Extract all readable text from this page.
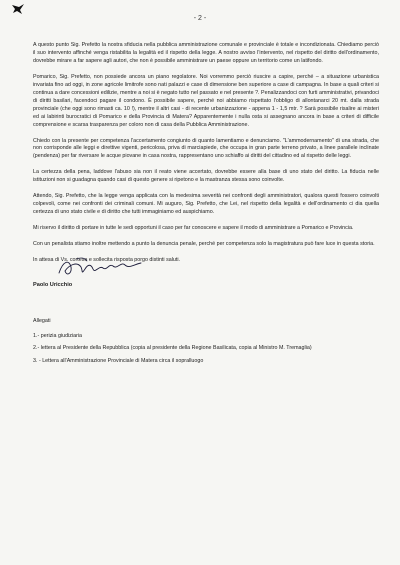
- 2 -

A questo punto Sig. Prefetto la nostra sfiducia nella pubblica amministrazione comunale e provinciale è totale e incondizionata. Chiediamo perciò il suo intervento affinché venga ristabilita la legalità ed il rispetto della legge. A nostro avviso l'intervento, nel rispetto del diritto dell'ordinamento, dovrebbe mirare a far sapere agli autori, che non è possibile amministrare un paese oppure un territorio come un latifondo.

Pomarico, Sig. Prefetto, non possiede ancora un piano regolatore. Noi vorremmo perciò riuscire a capire, perché – a situazione urbanistica invariata fino ad oggi, in zone agricole limitrofe sono nati palazzi e case di dimensione ben superiore a case di campagna. In base a quali criteri si continua a dare concessioni edilizie, mentre a noi si è negato tutto nel passato e nel presente ?. Penalizzandoci con furti amministrativi, privandoci di diritti basilari, facendoci pagare il condono. È possibile sapere, perché noi abbiamo rispettato l'obbligo di allontanarci 20 mt. dalla strada provinciale (che oggi sono rimasti ca. 10 !), mentre il altri casi - di recente urbanizzazione - appena 1 - 1,5 mtr. ? Sarà possibile risalire ai misteri ed ai labirinti burocratici di Pomarico e della Provincia di Matera? Apparentemente i nulla osta si assegnano ancora in base a criteri di difficile comprensione e scarsa trasparenza per coloro non di casa della Pubblica Amministrazione.

Chiedo con la presente per competenza l'accertamento congiunto di quanto lamentiamo e denunciamo. "L'ammodernamento" di una strada, che non corrisponde alle leggi e direttive vigenti, pericolosa, priva di marciapiede, che occupa in gran parte terreno privato, a linee parallele inclinate (pendenza) per far riversare le acque piovane in casa nostra, rappresentano uno schiaffo ai diritti del cittadino ed al rispetto delle leggi.

La certezza della pena, laddove l'abuso sia non il reato viene accertato, dovrebbe essere alla base di uno stato del diritto. La fiducia nelle istituzioni non si guadagna quando casi di questo genere si ripetono e la mastranza stessa sono coinvolte.

Attendo, Sig. Prefetto, che la legge venga applicata con la medesima severità nei confronti degli amministratori, qualora questi fossero coinvolti colpevoli, come nei confronti dei criminali comuni. Mi auguro, Sig. Prefetto, che Lei, nel rispetto della legalità e dell'ordinamento ci dia quella certezza di uno stato civile e di diritto che tutti immaginiamo ed auspichiamo.

Mi riservo il diritto di portare in tutte le sedi opportuni il caso per far conoscere e sapere il modo di amministrare a Pomarico e Provincia.

Con un penalista stiamo inoltre mettendo a punto la denuncia penale, perché per competenza solo la magistratura può fare luce in questa storia.

In attesa di Vs. cortese e sollecita risposta porgo distinti saluti.

Paolo Uricchio

Allegati

1.- perizia giudiziaria
2.- lettera al Presidente della Repubblica (copia al presidente della Regione Basilicata, copia al Ministro M. Tremaglia)
3. - Lettera all'Amministrazione Provinciale di Matera circa il sopralluogo
